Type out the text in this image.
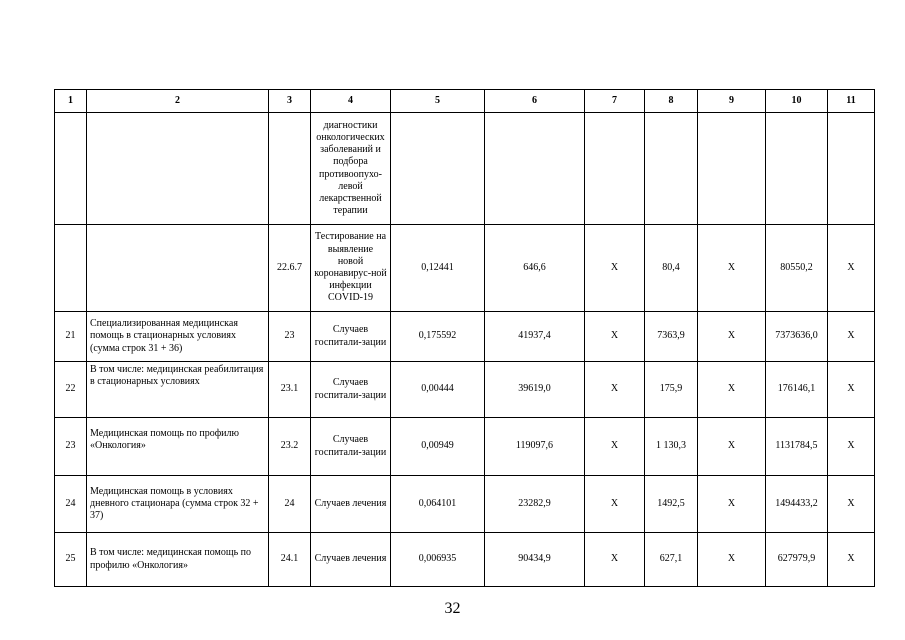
1	2	3	4	5	6	7	8	9	10	11
			диагностики онкологических заболеваний и подбора противоопухо-левой лекарственной терапии							
		22.6.7	Тестирование на выявление новой коронавирус-ной инфекции COVID-19	0,12441	646,6	X	80,4	X	80550,2	X
21	Специализированная медицинская помощь в стационарных условиях (сумма строк 31 + 36)	23	Случаев госпитали-зации	0,175592	41937,4	X	7363,9	X	7373636,0	X
22	В том числе: медицинская реабилитация в стационарных условиях	23.1	Случаев госпитали-зации	0,00444	39619,0	X	175,9	X	176146,1	X
23	Медицинская помощь по профилю «Онкология»	23.2	Случаев госпитали-зации	0,00949	119097,6	X	1 130,3	X	1131784,5	X
24	Медицинская помощь в условиях дневного стационара (сумма строк 32 + 37)	24	Случаев лечения	0,064101	23282,9	X	1492,5	X	1494433,2	X
25	В том числе: медицинская помощь по профилю «Онкология»	24.1	Случаев лечения	0,006935	90434,9	X	627,1	X	627979,9	X
32
